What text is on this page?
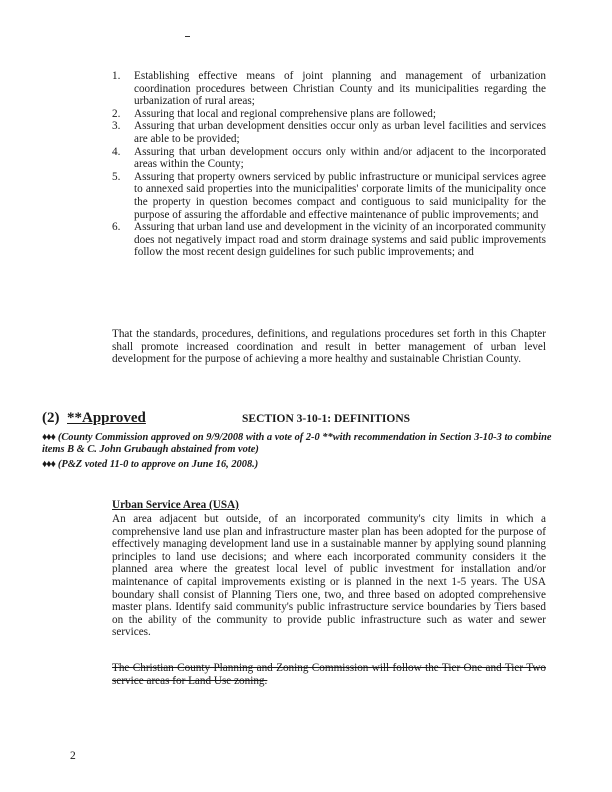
1. Establishing effective means of joint planning and management of urbanization coordination procedures between Christian County and its municipalities regarding the urbanization of rural areas;
2. Assuring that local and regional comprehensive plans are followed;
3. Assuring that urban development densities occur only as urban level facilities and services are able to be provided;
4. Assuring that urban development occurs only within and/or adjacent to the incorporated areas within the County;
5. Assuring that property owners serviced by public infrastructure or municipal services agree to annexed said properties into the municipalities' corporate limits of the municipality once the property in question becomes compact and contiguous to said municipality for the purpose of assuring the affordable and effective maintenance of public improvements; and
6. Assuring that urban land use and development in the vicinity of an incorporated community does not negatively impact road and storm drainage systems and said public improvements follow the most recent design guidelines for such public improvements; and

That the standards, procedures, definitions, and regulations procedures set forth in this Chapter shall promote increased coordination and result in better management of urban level development for the purpose of achieving a more healthy and sustainable Christian County.

(2) **Approved	SECTION 3-10-1: DEFINITIONS

♦♦♦ (County Commission approved on 9/9/2008 with a vote of 2-0 **with recommendation in Section 3-10-3 to combine items B & C. John Grubaugh abstained from vote)

♦♦♦ (P&Z voted 11-0 to approve on June 16, 2008.)

Urban Service Area (USA)

An area adjacent but outside, of an incorporated community's city limits in which a comprehensive land use plan and infrastructure master plan has been adopted for the purpose of effectively managing development land use in a sustainable manner by applying sound planning principles to land use decisions; and where each incorporated community considers it the planned area where the greatest local level of public investment for installation and/or maintenance of capital improvements existing or is planned in the next 1-5 years. The USA boundary shall consist of Planning Tiers one, two, and three based on adopted comprehensive master plans. Identify said community's public infrastructure service boundaries by Tiers based on the ability of the community to provide public infrastructure such as water and sewer services.

The Christian County Planning and Zoning Commission will follow the Tier One and Tier Two service areas for Land Use zoning.

2
